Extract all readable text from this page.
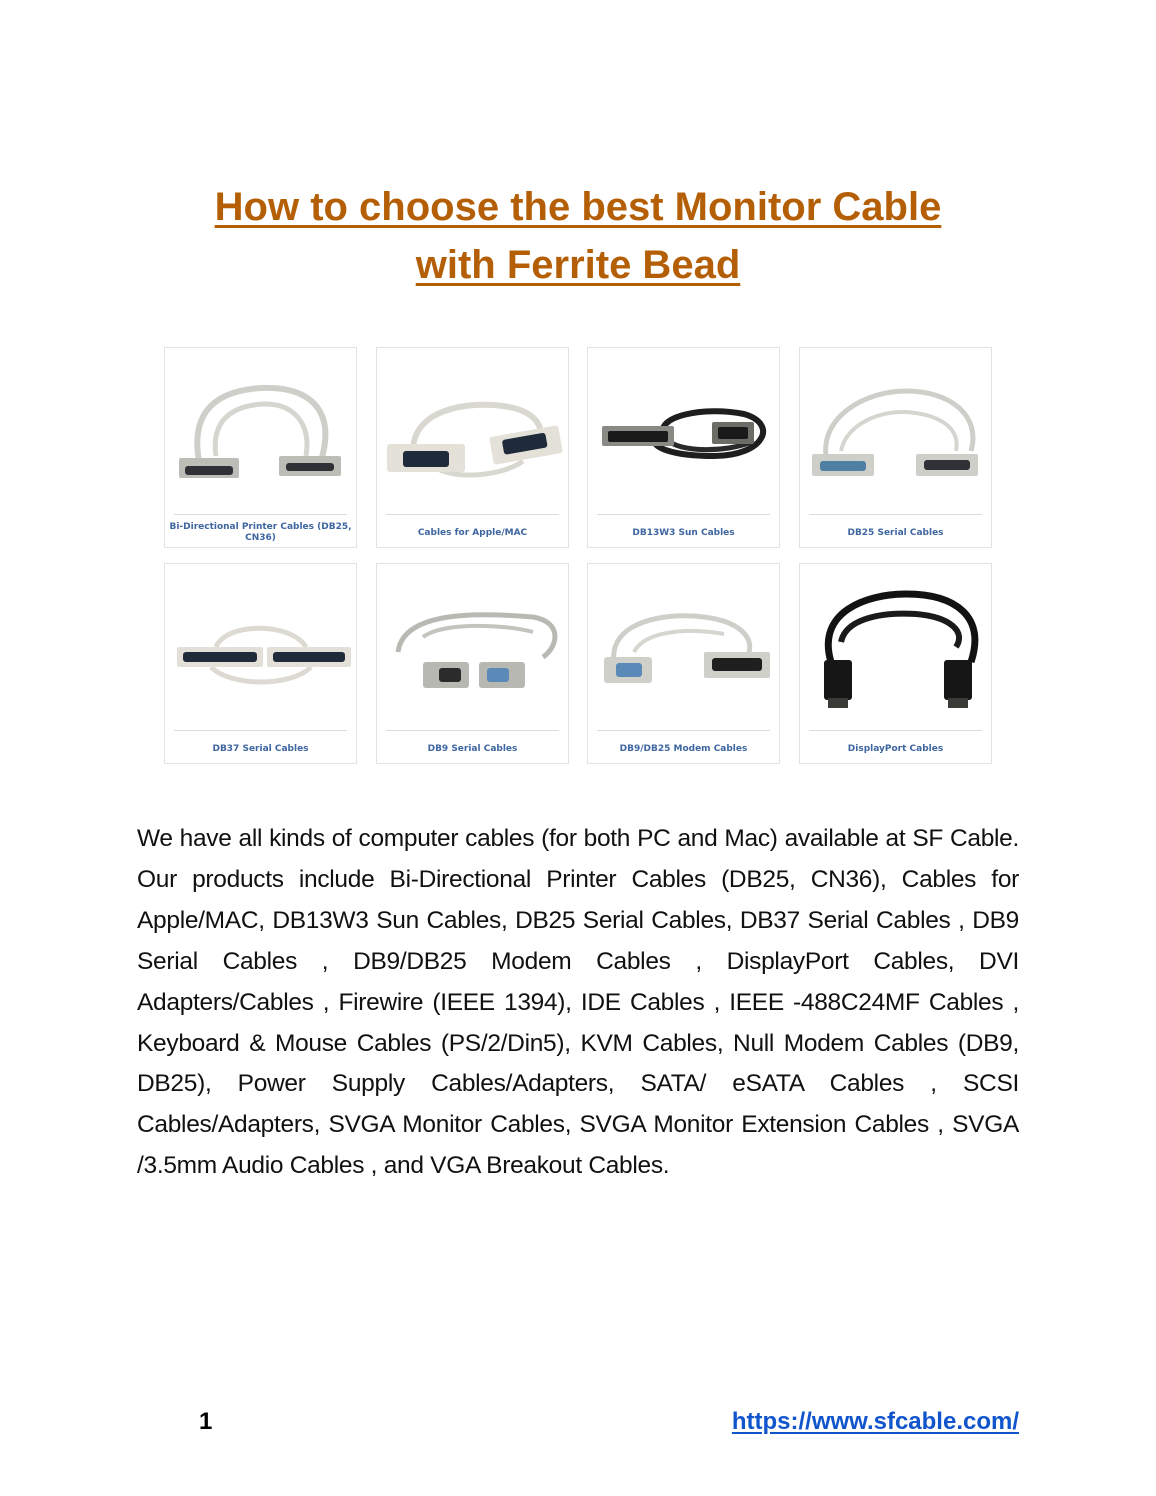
How to choose the best Monitor Cable
with Ferrite Bead
Bi-Directional Printer Cables (DB25, CN36)
Cables for Apple/MAC	DB13W3 Sun Cables	DB25 Serial Cables
DB37 Serial Cables	DB9 Serial Cables	DB9/DB25 Modem Cables	DisplayPort Cables
We have all kinds of computer cables (for both PC and Mac) available at SF Cable. Our products include Bi-Directional Printer Cables (DB25, CN36), Cables for Apple/MAC, DB13W3 Sun Cables, DB25 Serial Cables, DB37 Serial Cables , DB9 Serial Cables , DB9/DB25 Modem Cables , DisplayPort Cables, DVI Adapters/Cables , Firewire (IEEE 1394), IDE Cables , IEEE -488C24MF Cables , Keyboard & Mouse Cables (PS/2/Din5), KVM Cables, Null Modem Cables (DB9, DB25), Power Supply Cables/Adapters, SATA/ eSATA Cables , SCSI Cables/Adapters, SVGA Monitor Cables, SVGA Monitor Extension Cables , SVGA /3.5mm Audio Cables , and VGA Breakout Cables.
1	https://www.sfcable.com/
